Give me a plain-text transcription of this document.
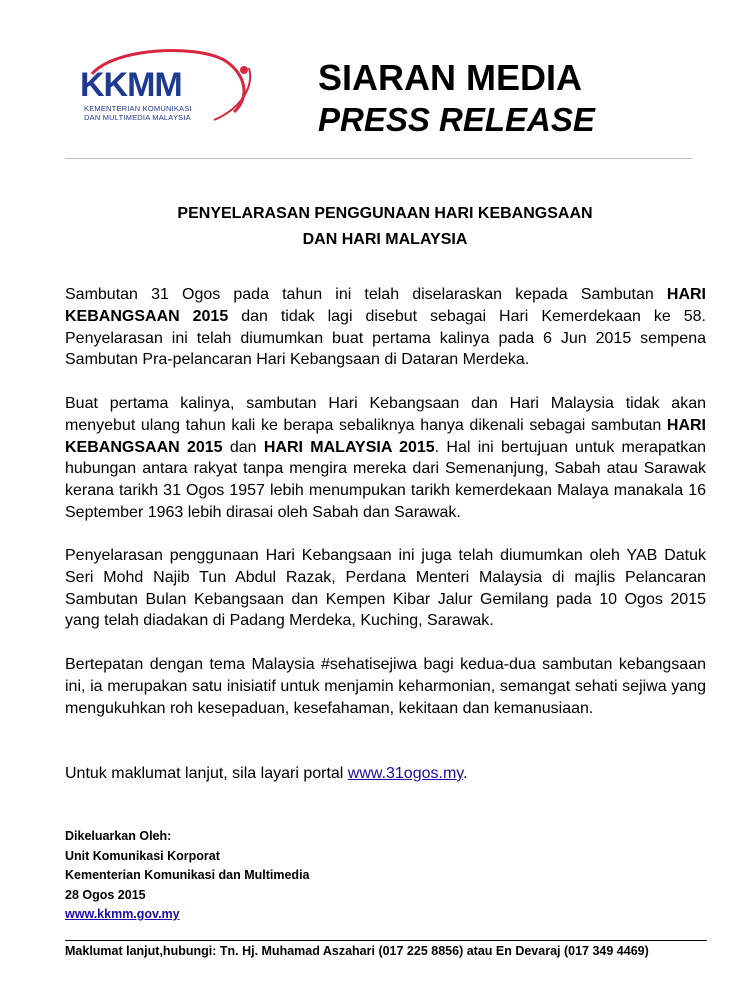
KKMM
KEMENTERIAN KOMUNIKASI
DAN MULTIMEDIA MALAYSIA
SIARAN MEDIA
PRESS RELEASE
PENYELARASAN PENGGUNAAN HARI KEBANGSAAN
DAN HARI MALAYSIA

Sambutan 31 Ogos pada tahun ini telah diselaraskan kepada Sambutan HARI KEBANGSAAN 2015 dan tidak lagi disebut sebagai Hari Kemerdekaan ke 58. Penyelarasan ini telah diumumkan buat pertama kalinya pada 6 Jun 2015 sempena Sambutan Pra-pelancaran Hari Kebangsaan di Dataran Merdeka.

Buat pertama kalinya, sambutan Hari Kebangsaan dan Hari Malaysia tidak akan menyebut ulang tahun kali ke berapa sebaliknya hanya dikenali sebagai sambutan HARI KEBANGSAAN 2015 dan HARI MALAYSIA 2015. Hal ini bertujuan untuk merapatkan hubungan antara rakyat tanpa mengira mereka dari Semenanjung, Sabah atau Sarawak kerana tarikh 31 Ogos 1957 lebih menumpukan tarikh kemerdekaan Malaya manakala 16 September 1963 lebih dirasai oleh Sabah dan Sarawak.

Penyelarasan penggunaan Hari Kebangsaan ini juga telah diumumkan oleh YAB Datuk Seri Mohd Najib Tun Abdul Razak, Perdana Menteri Malaysia di majlis Pelancaran Sambutan Bulan Kebangsaan dan Kempen Kibar Jalur Gemilang pada 10 Ogos 2015 yang telah diadakan di Padang Merdeka, Kuching, Sarawak.

Bertepatan dengan tema Malaysia #sehatisejiwa bagi kedua-dua sambutan kebangsaan ini, ia merupakan satu inisiatif untuk menjamin keharmonian, semangat sehati sejiwa yang mengukuhkan roh kesepaduan, kesefahaman, kekitaan dan kemanusiaan.

Untuk maklumat lanjut, sila layari portal www.31ogos.my.

Dikeluarkan Oleh:
Unit Komunikasi Korporat
Kementerian Komunikasi dan Multimedia
28 Ogos 2015
www.kkmm.gov.my
Maklumat lanjut,hubungi: Tn. Hj. Muhamad Aszahari (017 225 8856) atau En Devaraj (017 349 4469)
